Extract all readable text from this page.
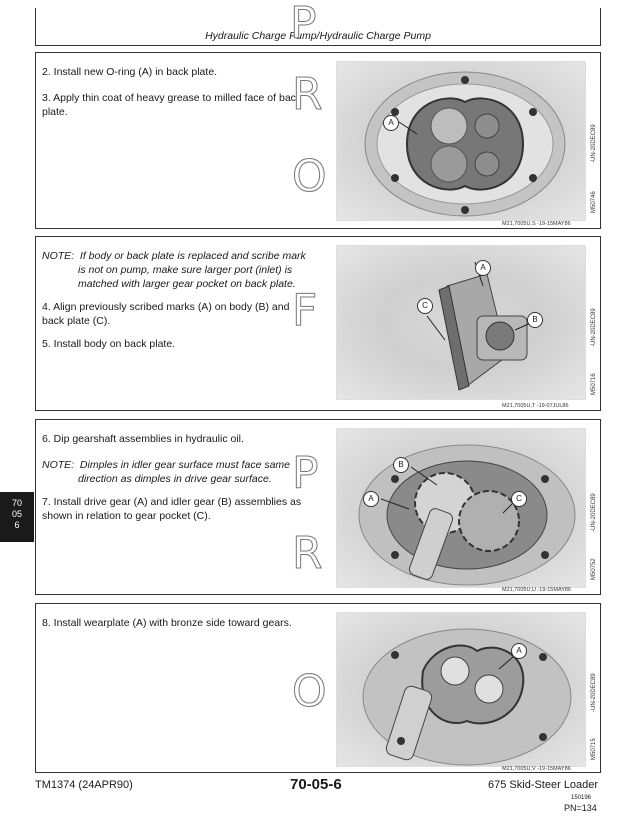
Hydraulic Charge Pump/Hydraulic Charge Pump
P
70
05
6
2. Install new O-ring (A) in back plate.
3. Apply thin coat of heavy grease to milled face of back
plate.
A
-UN-20DEC89
M50746
M21,7005U,S -19-15MAY86
R
O
NOTE:  If body or back plate is replaced and scribe mark
is not on pump, make sure larger port (inlet) is
matched with larger gear pocket on back plate.
4. Align previously scribed marks (A) on body (B) and
back plate (C).
5. Install body on back plate.
A
C
B	-UN-20DEC89
M50716
M21,7005U,T -19-07JUL86
F
6. Dip gearshaft assemblies in hydraulic oil.
NOTE:  Dimples in idler gear surface must face same
direction as dimples in drive gear surface.
7. Install drive gear (A) and idler gear (B) assemblies as
shown in relation to gear pocket (C).
B
A	C	-UN-20DEC89
M50752
M21,7005U,U -19-15MAY86
P
R
8. Install wearplate (A) with bronze side toward gears.
A
-UN-20DEC89
M50715
M21,7005U,V -19-15MAY86
O
TM1374 (24APR90)	70-05-6	675 Skid-Steer Loader
150196
PN=134
